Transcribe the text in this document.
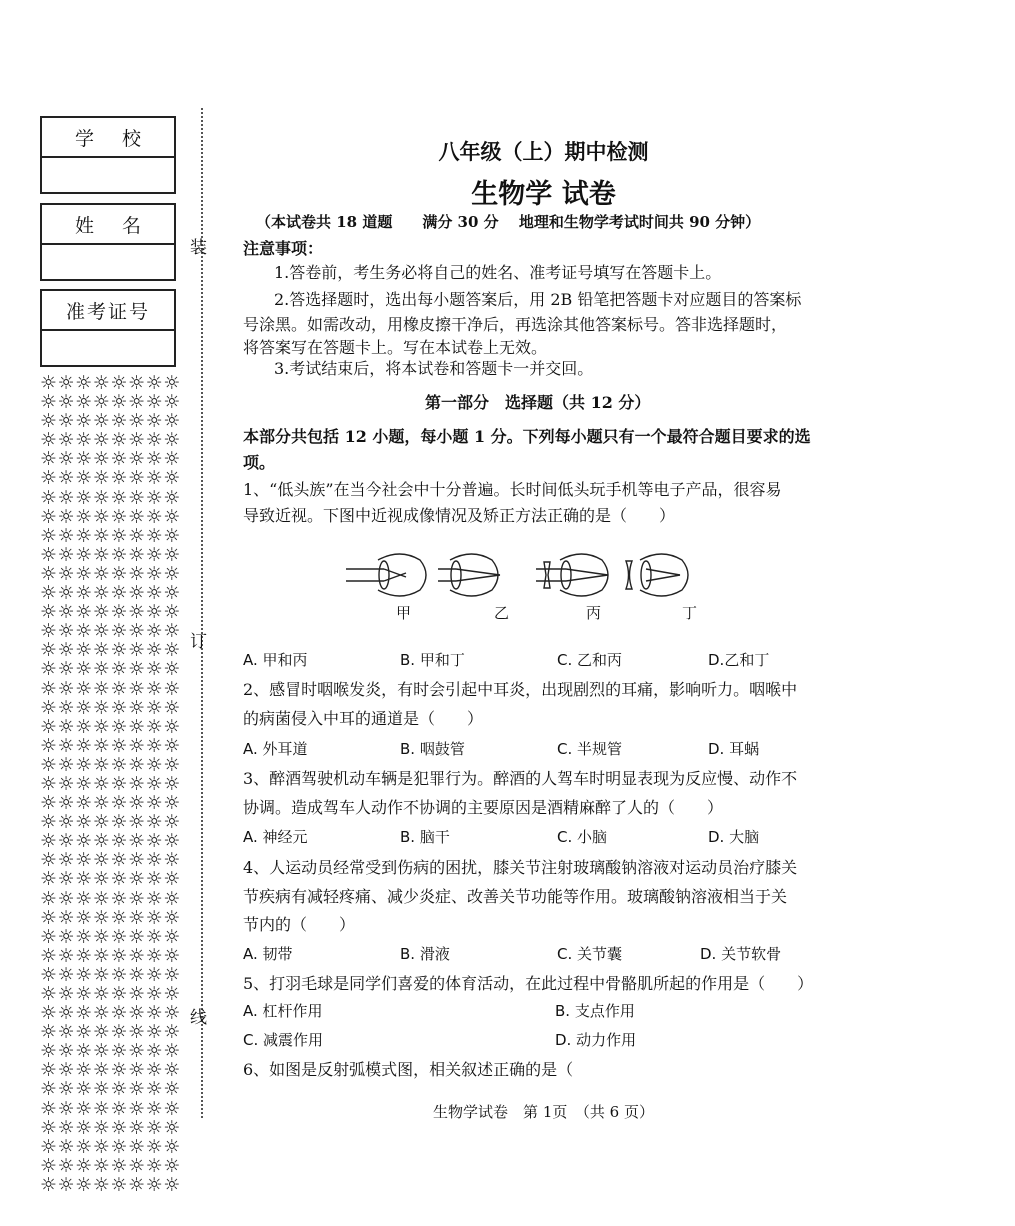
学校
姓名
准考证号
☼☼☼☼☼☼☼☼☼☼☼☼☼☼☼☼☼☼☼☼☼☼☼☼☼☼☼☼☼☼☼☼☼☼☼☼☼☼☼☼☼☼☼☼☼☼☼☼☼☼☼☼☼☼☼☼☼☼☼☼☼☼☼☼☼☼☼☼☼☼☼☼☼☼☼☼☼☼☼☼☼☼☼☼☼☼☼☼☼☼☼☼☼☼☼☼☼☼☼☼☼☼☼☼☼☼☼☼☼☼☼☼☼☼☼☼☼☼☼☼☼☼☼☼☼☼☼☼☼☼☼☼☼☼☼☼☼☼☼☼☼☼☼☼☼☼☼☼☼☼☼☼☼☼☼☼☼☼☼☼☼☼☼☼☼☼☼☼☼☼☼☼☼☼☼☼☼☼☼☼☼☼☼☼☼☼☼☼☼☼☼☼☼☼☼☼☼☼☼☼☼☼☼☼☼☼☼☼☼☼☼☼☼☼☼☼☼☼☼☼☼☼☼☼☼☼☼☼☼☼☼☼☼☼☼☼☼☼☼☼☼☼☼☼☼☼☼☼☼☼☼☼☼☼☼☼☼☼☼☼☼☼☼☼☼☼☼☼☼☼☼☼☼☼☼☼☼☼☼☼☼☼☼☼☼☼☼☼☼☼☼☼☼☼☼☼☼☼☼☼☼☼☼☼☼☼☼☼☼☼☼☼☼☼☼☼☼☼☼☼☼☼☼☼☼☼☼☼☼☼☼☼☼☼☼☼☼☼☼☼☼☼☼☼
装
订
线
八年级（上）期中检测
生物学 试卷
（本试卷共 18 道题　　满分 30 分　 地理和生物学考试时间共 90 分钟）
注意事项：
1.答卷前，考生务必将自己的姓名、准考证号填写在答题卡上。
2.答选择题时，选出每小题答案后，用 2B 铅笔把答题卡对应题目的答案标
号涂黑。如需改动，用橡皮擦干净后，再选涂其他答案标号。答非选择题时，
将答案写在答题卡上。写在本试卷上无效。
3.考试结束后，将本试卷和答题卡一并交回。
第一部分　选择题（共 12 分）
本部分共包括 12 小题，每小题 1 分。下列每小题只有一个最符合题目要求的选
项。
1、“低头族”在当今社会中十分普遍。长时间低头玩手机等电子产品，很容易
导致近视。下图中近视成像情况及矫正方法正确的是（　　）
甲	乙	丙	丁
A. 甲和丙	B. 甲和丁	C. 乙和丙	D.乙和丁
2、感冒时咽喉发炎，有时会引起中耳炎，出现剧烈的耳痛，影响听力。咽喉中
的病菌侵入中耳的通道是（　　）
A. 外耳道	B. 咽鼓管	C. 半规管	D. 耳蜗
3、醉酒驾驶机动车辆是犯罪行为。醉酒的人驾车时明显表现为反应慢、动作不
协调。造成驾车人动作不协调的主要原因是酒精麻醉了人的（　　）
A. 神经元	B. 脑干	C. 小脑	D. 大脑
4、人运动员经常受到伤病的困扰，膝关节注射玻璃酸钠溶液对运动员治疗膝关
节疾病有减轻疼痛、减少炎症、改善关节功能等作用。玻璃酸钠溶液相当于关
节内的（　　）
A. 韧带	B. 滑液	C. 关节囊	D. 关节软骨
5、打羽毛球是同学们喜爱的体育活动，在此过程中骨骼肌所起的作用是（　　）
A. 杠杆作用	B. 支点作用
C. 减震作用	D. 动力作用
6、如图是反射弧模式图，相关叙述正确的是（
生物学试卷　第 1页　（共 6 页）
